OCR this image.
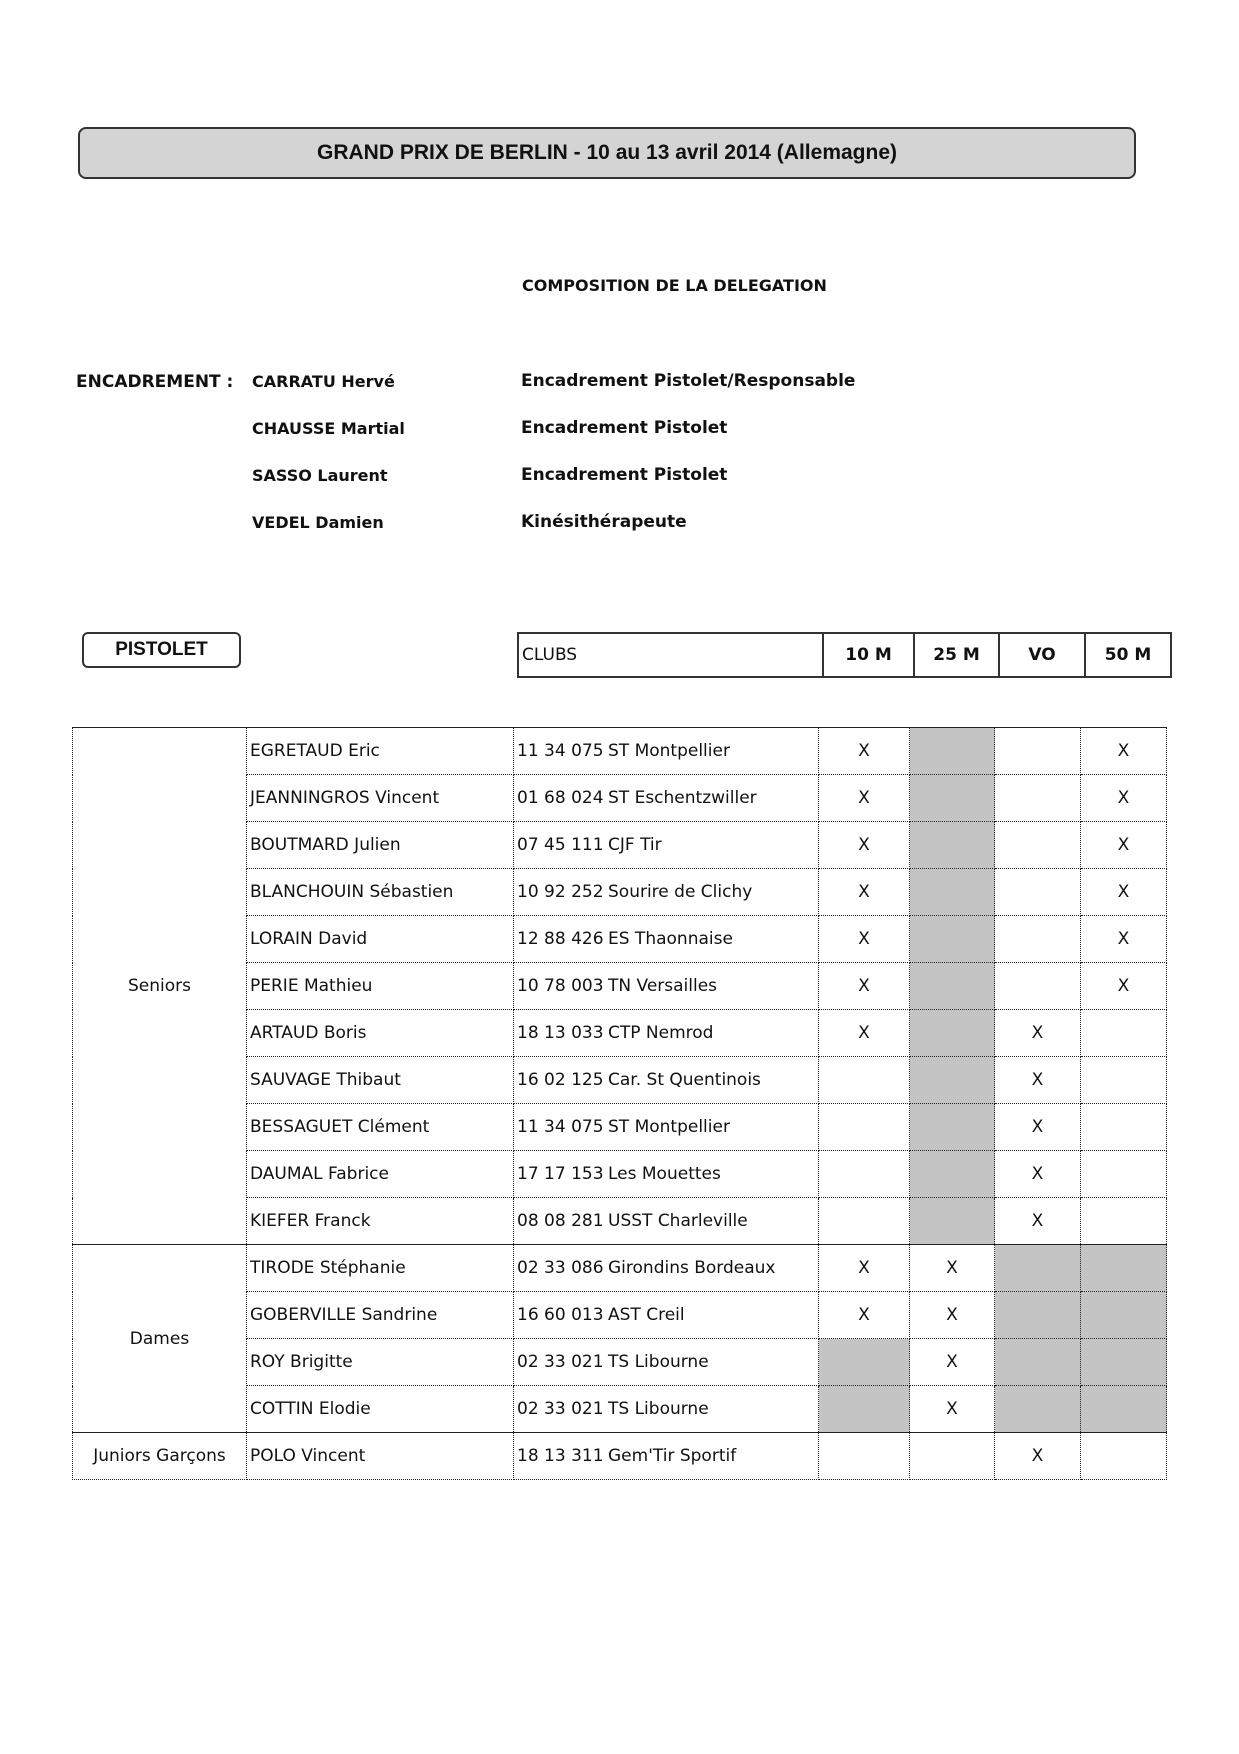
GRAND PRIX DE BERLIN - 10 au 13 avril 2014 (Allemagne)
COMPOSITION DE LA DELEGATION
ENCADREMENT : CARRATU Hervé	Encadrement Pistolet/Responsable
CHAUSSE Martial	Encadrement Pistolet
SASSO Laurent	Encadrement Pistolet
VEDEL Damien	Kinésithérapeute
PISTOLET	CLUBS	10 M	25 M	VO	50 M
Seniors	EGRETAUD Eric	11 34 075 ST Montpellier	X			X
	JEANNINGROS Vincent	01 68 024 ST Eschentzwiller	X			X
	BOUTMARD Julien	07 45 111 CJF Tir	X			X
	BLANCHOUIN Sébastien	10 92 252 Sourire de Clichy	X			X
	LORAIN David	12 88 426 ES Thaonnaise	X			X
	PERIE Mathieu	10 78 003 TN Versailles	X			X
	ARTAUD Boris	18 13 033 CTP Nemrod	X		X	
	SAUVAGE Thibaut	16 02 125 Car. St Quentinois			X	
	BESSAGUET Clément	11 34 075 ST Montpellier			X	
	DAUMAL Fabrice	17 17 153 Les Mouettes			X	
	KIEFER Franck	08 08 281 USST Charleville			X	
Dames	TIRODE Stéphanie	02 33 086 Girondins Bordeaux	X	X		
	GOBERVILLE Sandrine	16 60 013 AST Creil	X	X		
	ROY Brigitte	02 33 021 TS Libourne		X		
	COTTIN Elodie	02 33 021 TS Libourne		X		
Juniors Garçons	POLO Vincent	18 13 311 Gem'Tir Sportif			X	
